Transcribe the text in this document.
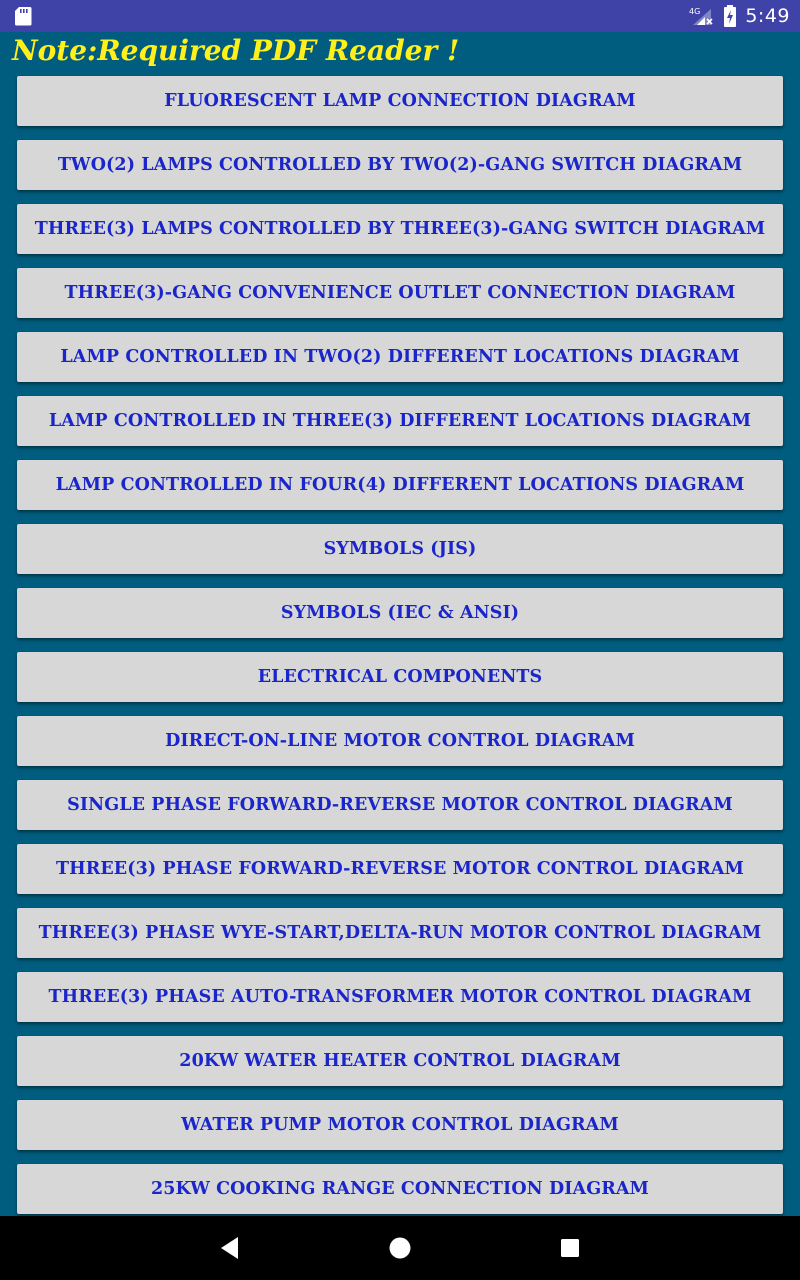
4G 5:49
Note:Required PDF Reader !
FLUORESCENT LAMP CONNECTION DIAGRAM
TWO(2) LAMPS CONTROLLED BY TWO(2)-GANG SWITCH DIAGRAM
THREE(3) LAMPS CONTROLLED BY THREE(3)-GANG SWITCH DIAGRAM
THREE(3)-GANG CONVENIENCE OUTLET CONNECTION DIAGRAM
LAMP CONTROLLED IN TWO(2) DIFFERENT LOCATIONS DIAGRAM
LAMP CONTROLLED IN THREE(3) DIFFERENT LOCATIONS DIAGRAM
LAMP CONTROLLED IN FOUR(4) DIFFERENT LOCATIONS DIAGRAM
SYMBOLS (JIS)
SYMBOLS (IEC & ANSI)
ELECTRICAL COMPONENTS
DIRECT-ON-LINE MOTOR CONTROL DIAGRAM
SINGLE PHASE FORWARD-REVERSE MOTOR CONTROL DIAGRAM
THREE(3) PHASE FORWARD-REVERSE MOTOR CONTROL DIAGRAM
THREE(3) PHASE WYE-START,DELTA-RUN MOTOR CONTROL DIAGRAM
THREE(3) PHASE AUTO-TRANSFORMER MOTOR CONTROL DIAGRAM
20KW WATER HEATER CONTROL DIAGRAM
WATER PUMP MOTOR CONTROL DIAGRAM
25KW COOKING RANGE CONNECTION DIAGRAM
